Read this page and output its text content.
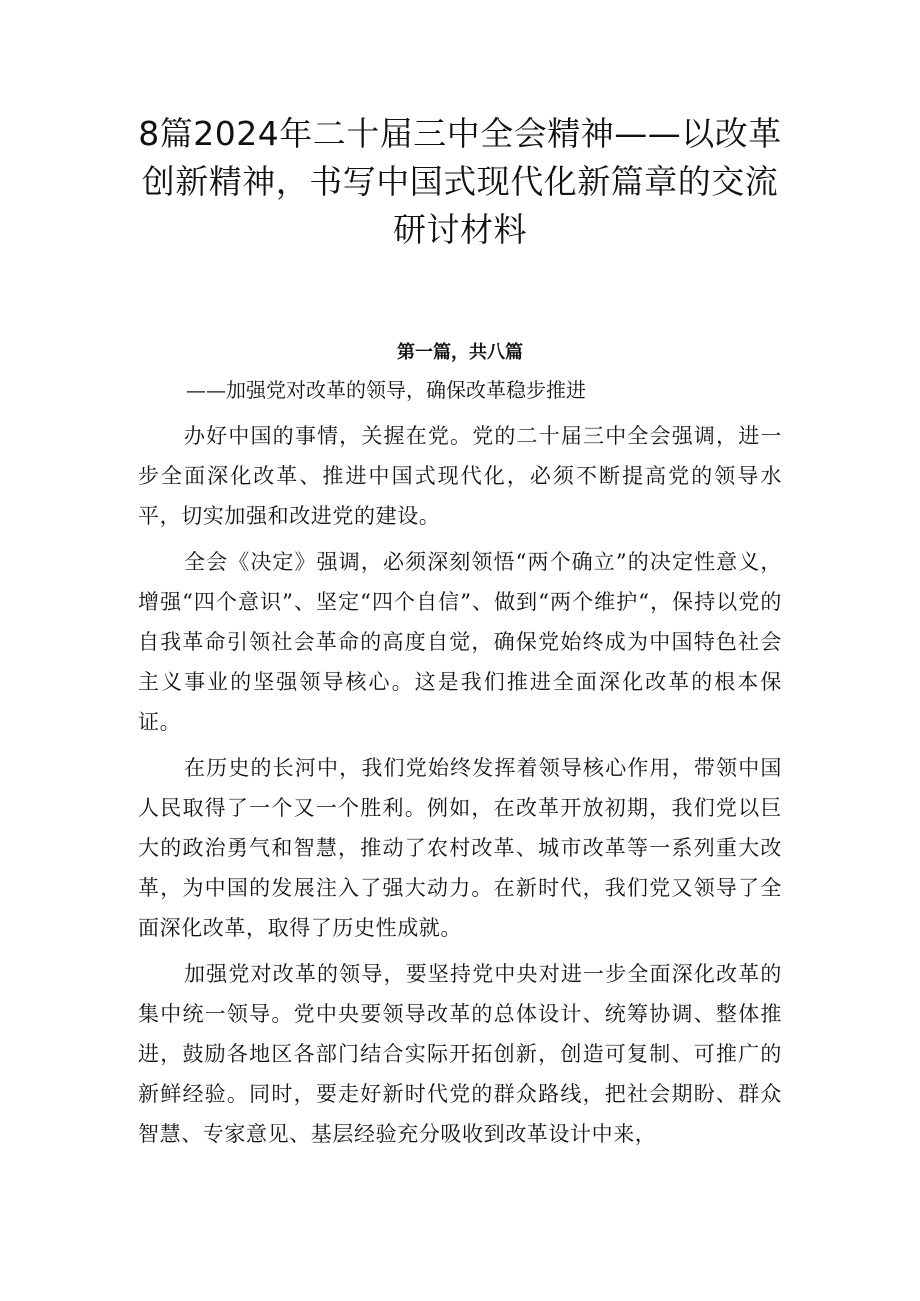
8篇2024年二十届三中全会精神——以改革创新精神，书写中国式现代化新篇章的交流研讨材料
第一篇，共八篇
——加强党对改革的领导，确保改革稳步推进

办好中国的事情，关握在党。党的二十届三中全会强调，进一步全面深化改革、推进中国式现代化，必须不断提高党的领导水平，切实加强和改进党的建设。

全会《决定》强调，必须深刻领悟“两个确立”的决定性意义，增强“四个意识”、坚定“四个自信”、做到“两个维护“，保持以党的自我革命引领社会革命的高度自觉，确保党始终成为中国特色社会主义事业的坚强领导核心。这是我们推进全面深化改革的根本保证。

在历史的长河中，我们党始终发挥着领导核心作用，带领中国人民取得了一个又一个胜利。例如，在改革开放初期，我们党以巨大的政治勇气和智慧，推动了农村改革、城市改革等一系列重大改革，为中国的发展注入了强大动力。在新时代，我们党又领导了全面深化改革，取得了历史性成就。

加强党对改革的领导，要坚持党中央对进一步全面深化改革的集中统一领导。党中央要领导改革的总体设计、统筹协调、整体推进，鼓励各地区各部门结合实际开拓创新，创造可复制、可推广的新鲜经验。同时，要走好新时代党的群众路线，把社会期盼、群众智慧、专家意见、基层经验充分吸收到改革设计中来，
